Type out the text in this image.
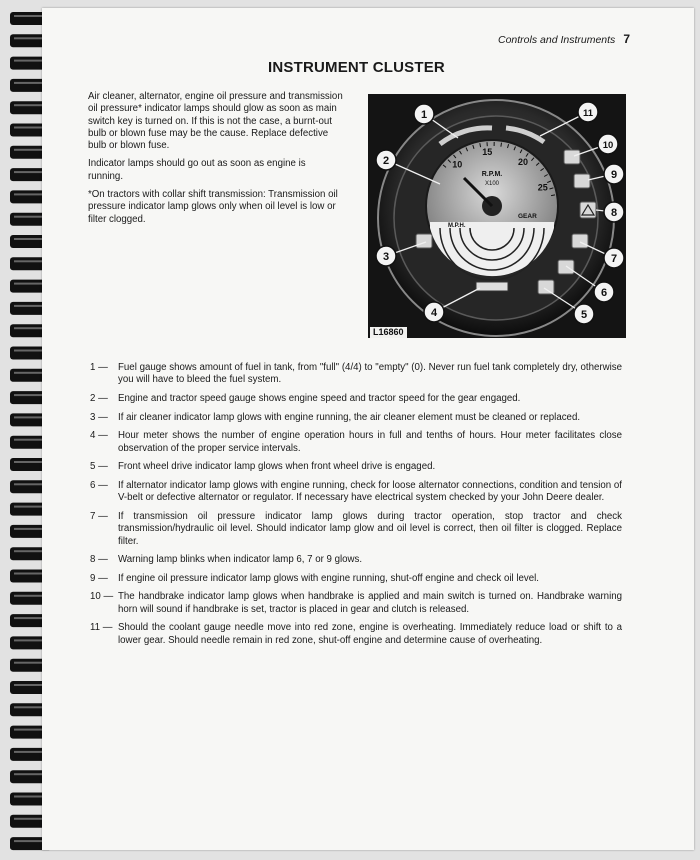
Controls and Instruments 7
INSTRUMENT CLUSTER

Air cleaner, alternator, engine oil pressure and transmission oil pressure* indicator lamps should glow as soon as main switch key is turned on. If this is not the case, a burnt-out bulb or blown fuse may be the cause. Replace defective bulb or blown fuse.

Indicator lamps should go out as soon as engine is running.

*On tractors with collar shift transmission: Transmission oil pressure indicator lamp glows only when oil level is low or filter clogged.

10
15
20
25
R.P.M.
X100
M.P.H.
GEAR
1
2
3
4	5
6
7
8
9
10
11
L16860
1 —	Fuel gauge shows amount of fuel in tank, from "full" (4/4) to "empty" (0). Never run fuel tank completely dry, otherwise you will have to bleed the fuel system.
2 —	Engine and tractor speed gauge shows engine speed and tractor speed for the gear engaged.
3 —	If air cleaner indicator lamp glows with engine running, the air cleaner element must be cleaned or replaced.
4 —	Hour meter shows the number of engine operation hours in full and tenths of hours. Hour meter facilitates close observation of the proper service intervals.
5 —	Front wheel drive indicator lamp glows when front wheel drive is engaged.
6 —	If alternator indicator lamp glows with engine running, check for loose alternator connections, condition and tension of V-belt or defective alternator or regulator. If necessary have electrical system checked by your John Deere dealer.
7 —	If transmission oil pressure indicator lamp glows during tractor operation, stop tractor and check transmission/hydraulic oil level. Should indicator lamp glow and oil level is correct, then oil filter is clogged. Replace filter.
8 —	Warning lamp blinks when indicator lamp 6, 7 or 9 glows.
9 —	If engine oil pressure indicator lamp glows with engine running, shut-off engine and check oil level.
10 — The handbrake indicator lamp glows when handbrake is applied and main switch is turned on. Handbrake warning horn will sound if handbrake is set, tractor is placed in gear and clutch is released.
11 — Should the coolant gauge needle move into red zone, engine is overheating. Immediately reduce load or shift to a lower gear. Should needle remain in red zone, shut-off engine and determine cause of overheating.
